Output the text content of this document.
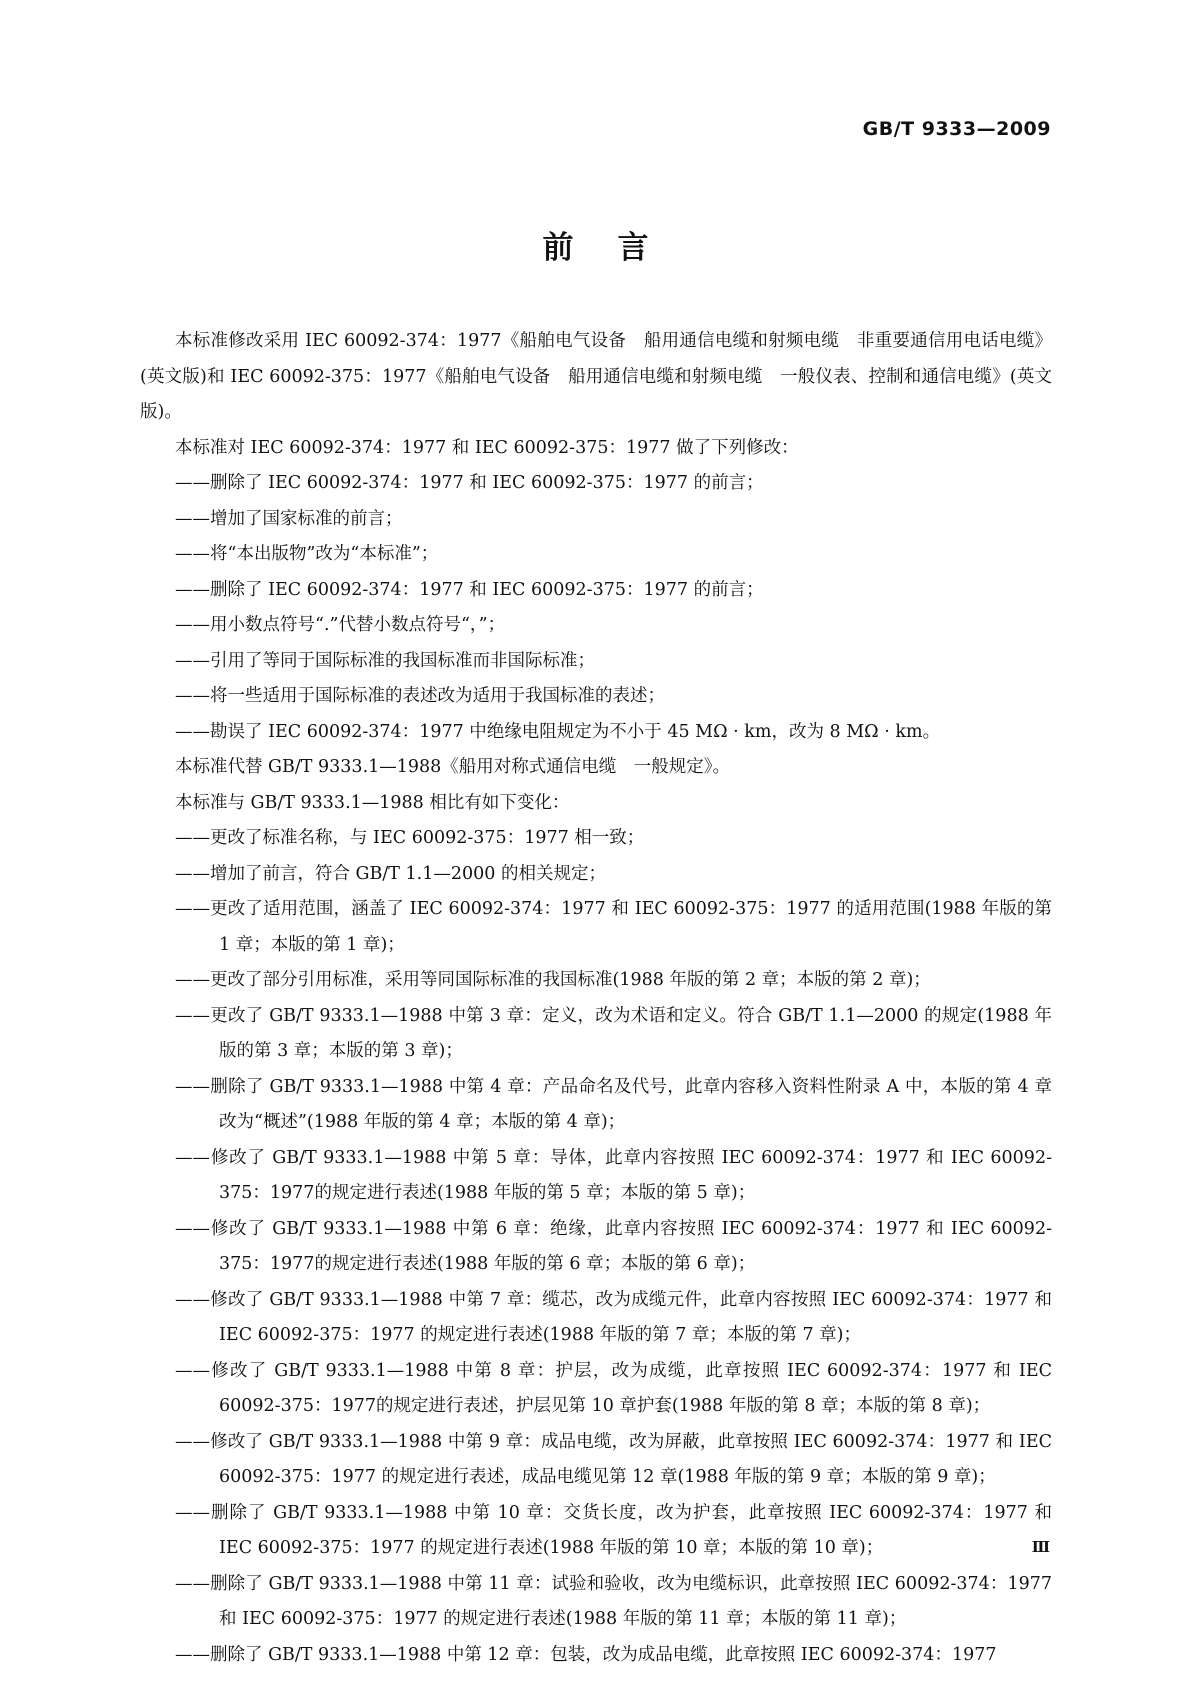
GB/T 9333—2009
前言

本标准修改采用 IEC 60092-374：1977《船舶电气设备　船用通信电缆和射频电缆　非重要通信用电话电缆》(英文版)和 IEC 60092-375：1977《船舶电气设备　船用通信电缆和射频电缆　一般仪表、控制和通信电缆》(英文版)。

本标准对 IEC 60092-374：1977 和 IEC 60092-375：1977 做了下列修改：

——删除了 IEC 60092-374：1977 和 IEC 60092-375：1977 的前言；

——增加了国家标准的前言；

——将“本出版物”改为“本标准”；

——删除了 IEC 60092-374：1977 和 IEC 60092-375：1977 的前言；

——用小数点符号“.”代替小数点符号“，”；

——引用了等同于国际标准的我国标准而非国际标准；

——将一些适用于国际标准的表述改为适用于我国标准的表述；

——勘误了 IEC 60092-374：1977 中绝缘电阻规定为不小于 45 MΩ · km，改为 8 MΩ · km。

本标准代替 GB/T 9333.1—1988《船用对称式通信电缆　一般规定》。

本标准与 GB/T 9333.1—1988 相比有如下变化：

——更改了标准名称，与 IEC 60092-375：1977 相一致；

——增加了前言，符合 GB/T 1.1—2000 的相关规定；

——更改了适用范围，涵盖了 IEC 60092-374：1977 和 IEC 60092-375：1977 的适用范围(1988 年版的第 1 章；本版的第 1 章)；

——更改了部分引用标准，采用等同国际标准的我国标准(1988 年版的第 2 章；本版的第 2 章)；

——更改了 GB/T 9333.1—1988 中第 3 章：定义，改为术语和定义。符合 GB/T 1.1—2000 的规定(1988 年版的第 3 章；本版的第 3 章)；

——删除了 GB/T 9333.1—1988 中第 4 章：产品命名及代号，此章内容移入资料性附录 A 中，本版的第 4 章改为“概述”(1988 年版的第 4 章；本版的第 4 章)；

——修改了 GB/T 9333.1—1988 中第 5 章：导体，此章内容按照 IEC 60092-374：1977 和 IEC 60092-375：1977的规定进行表述(1988 年版的第 5 章；本版的第 5 章)；

——修改了 GB/T 9333.1—1988 中第 6 章：绝缘，此章内容按照 IEC 60092-374：1977 和 IEC 60092-375：1977的规定进行表述(1988 年版的第 6 章；本版的第 6 章)；

——修改了 GB/T 9333.1—1988 中第 7 章：缆芯，改为成缆元件，此章内容按照 IEC 60092-374：1977 和 IEC 60092-375：1977 的规定进行表述(1988 年版的第 7 章；本版的第 7 章)；

——修改了 GB/T 9333.1—1988 中第 8 章：护层，改为成缆，此章按照 IEC 60092-374：1977 和 IEC 60092-375：1977的规定进行表述，护层见第 10 章护套(1988 年版的第 8 章；本版的第 8 章)；

——修改了 GB/T 9333.1—1988 中第 9 章：成品电缆，改为屏蔽，此章按照 IEC 60092-374：1977 和 IEC 60092-375：1977 的规定进行表述，成品电缆见第 12 章(1988 年版的第 9 章；本版的第 9 章)；

——删除了 GB/T 9333.1—1988 中第 10 章：交货长度，改为护套，此章按照 IEC 60092-374：1977 和 IEC 60092-375：1977 的规定进行表述(1988 年版的第 10 章；本版的第 10 章)；

——删除了 GB/T 9333.1—1988 中第 11 章：试验和验收，改为电缆标识，此章按照 IEC 60092-374：1977 和 IEC 60092-375：1977 的规定进行表述(1988 年版的第 11 章；本版的第 11 章)；

——删除了 GB/T 9333.1—1988 中第 12 章：包装，改为成品电缆，此章按照 IEC 60092-374：1977

Ⅲ
